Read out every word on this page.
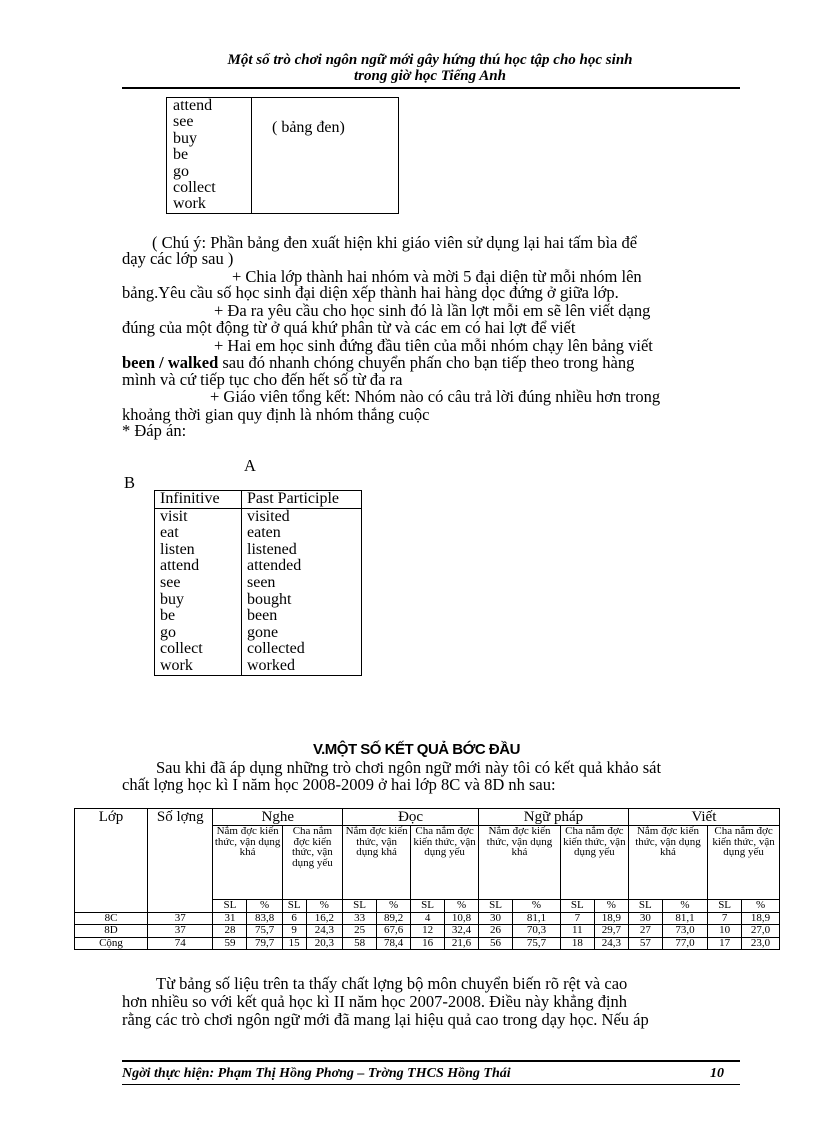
Một số trò chơi ngôn ngữ mới gây hứng thú học tập cho học sinh
trong giờ học Tiếng Anh
attend
see
buy
be
go
collect
work
	( bảng đen)
( Chú ý: Phần bảng đen xuất hiện khi giáo viên sử dụng lại hai tấm bìa để
dạy các lớp sau )
+ Chia lớp thành hai nhóm và mời 5 đại diện từ mỗi nhóm lên
bảng.Yêu cầu số học sinh đại diện xếp thành hai hàng dọc đứng ở giữa lớp.
+ Đa ra yêu cầu cho học sinh đó là lần lợt mỗi em sẽ lên viết dạng
đúng của một động từ ở quá khứ phân từ và các em có hai lợt để viết
+ Hai em học sinh đứng đầu tiên của mỗi nhóm chạy lên bảng viết
been / walked sau đó nhanh chóng chuyển phấn cho bạn tiếp theo trong hàng
mình và cứ tiếp tục cho đến hết số từ đa ra
+ Giáo viên tổng kết: Nhóm nào có câu trả lời đúng nhiều hơn trong
khoảng thời gian quy định là nhóm thắng cuộc
* Đáp án:
A
B
Infinitive	Past Participle
visit	visited
eat	eaten
listen	listened
attend	attended
see	seen
buy	bought
be	been
go	gone
collect	collected
work	worked
V.MỘT SỐ KẾT QUẢ BỚC ĐẦU
Sau khi đã áp dụng những trò chơi ngôn ngữ mới này tôi có kết quả khảo sát
chất lợng học kì I năm học 2008-2009 ở hai lớp 8C và 8D nh sau:
Lớp	Số lợng	Nghe				Đọc				Ngữ pháp				Viết			
		Nắm đợc kiến thức, vận dụng khá		Cha nắm đợc kiến thức, vận dụng yếu		Nắm đợc kiến thức, vận dụng khá		Cha nắm đợc kiến thức, vận dụng yếu		Nắm đợc kiến thức, vận dụng khá		Cha nắm đợc kiến thức, vận dụng yếu		Nắm đợc kiến thức, vận dụng khá		Cha nắm đợc kiến thức, vận dụng yếu	
		SL	%	SL	%	SL	%	SL	%	SL	%	SL	%	SL	%	SL	%
8C	37	31	83,8	6	16,2	33	89,2	4	10,8	30	81,1	7	18,9	30	81,1	7	18,9
8D	37	28	75,7	9	24,3	25	67,6	12	32,4	26	70,3	11	29,7	27	73,0	10	27,0
Cộng	74	59	79,7	15	20,3	58	78,4	16	21,6	56	75,7	18	24,3	57	77,0	17	23,0
Từ bảng số liệu trên ta thấy chất lợng bộ môn chuyển biến rõ rệt và cao
hơn nhiều so với kết quả học kì II năm học 2007-2008. Điều này khẳng định
rằng các trò chơi ngôn ngữ mới đã mang lại hiệu quả cao trong dạy học. Nếu áp
Ngời thực hiện: Phạm Thị Hồng Phơng – Trờng THCS Hồng Thái	10
